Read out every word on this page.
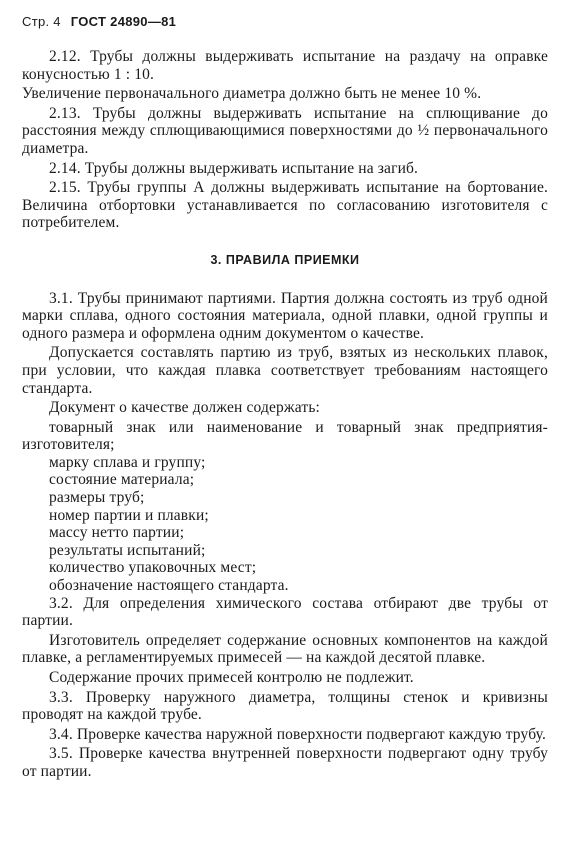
Стр. 4 ГОСТ 24890—81

2.12. Трубы должны выдерживать испытание на раздачу на оправке конусностью 1 : 10.

Увеличение первоначального диаметра должно быть не менее 10 %.

2.13. Трубы должны выдерживать испытание на сплющивание до расстояния между сплющивающимися поверхностями до ½ первоначального диаметра.

2.14. Трубы должны выдерживать испытание на загиб.

2.15. Трубы группы А должны выдерживать испытание на бортование. Величина отбортовки устанавливается по согласованию изготовителя с потребителем.

3. ПРАВИЛА ПРИЕМКИ

3.1. Трубы принимают партиями. Партия должна состоять из труб одной марки сплава, одного состояния материала, одной плавки, одной группы и одного размера и оформлена одним документом о качестве.

Допускается составлять партию из труб, взятых из нескольких плавок, при условии, что каждая плавка соответствует требованиям настоящего стандарта.

Документ о качестве должен содержать:

товарный знак или наименование и товарный знак предприятия-изготовителя;

марку сплава и группу;

состояние материала;

размеры труб;

номер партии и плавки;

массу нетто партии;

результаты испытаний;

количество упаковочных мест;

обозначение настоящего стандарта.

3.2. Для определения химического состава отбирают две трубы от партии.

Изготовитель определяет содержание основных компонентов на каждой плавке, а регламентируемых примесей — на каждой десятой плавке.

Содержание прочих примесей контролю не подлежит.

3.3. Проверку наружного диаметра, толщины стенок и кривизны проводят на каждой трубе.

3.4. Проверке качества наружной поверхности подвергают каждую трубу.

3.5. Проверке качества внутренней поверхности подвергают одну трубу от партии.
